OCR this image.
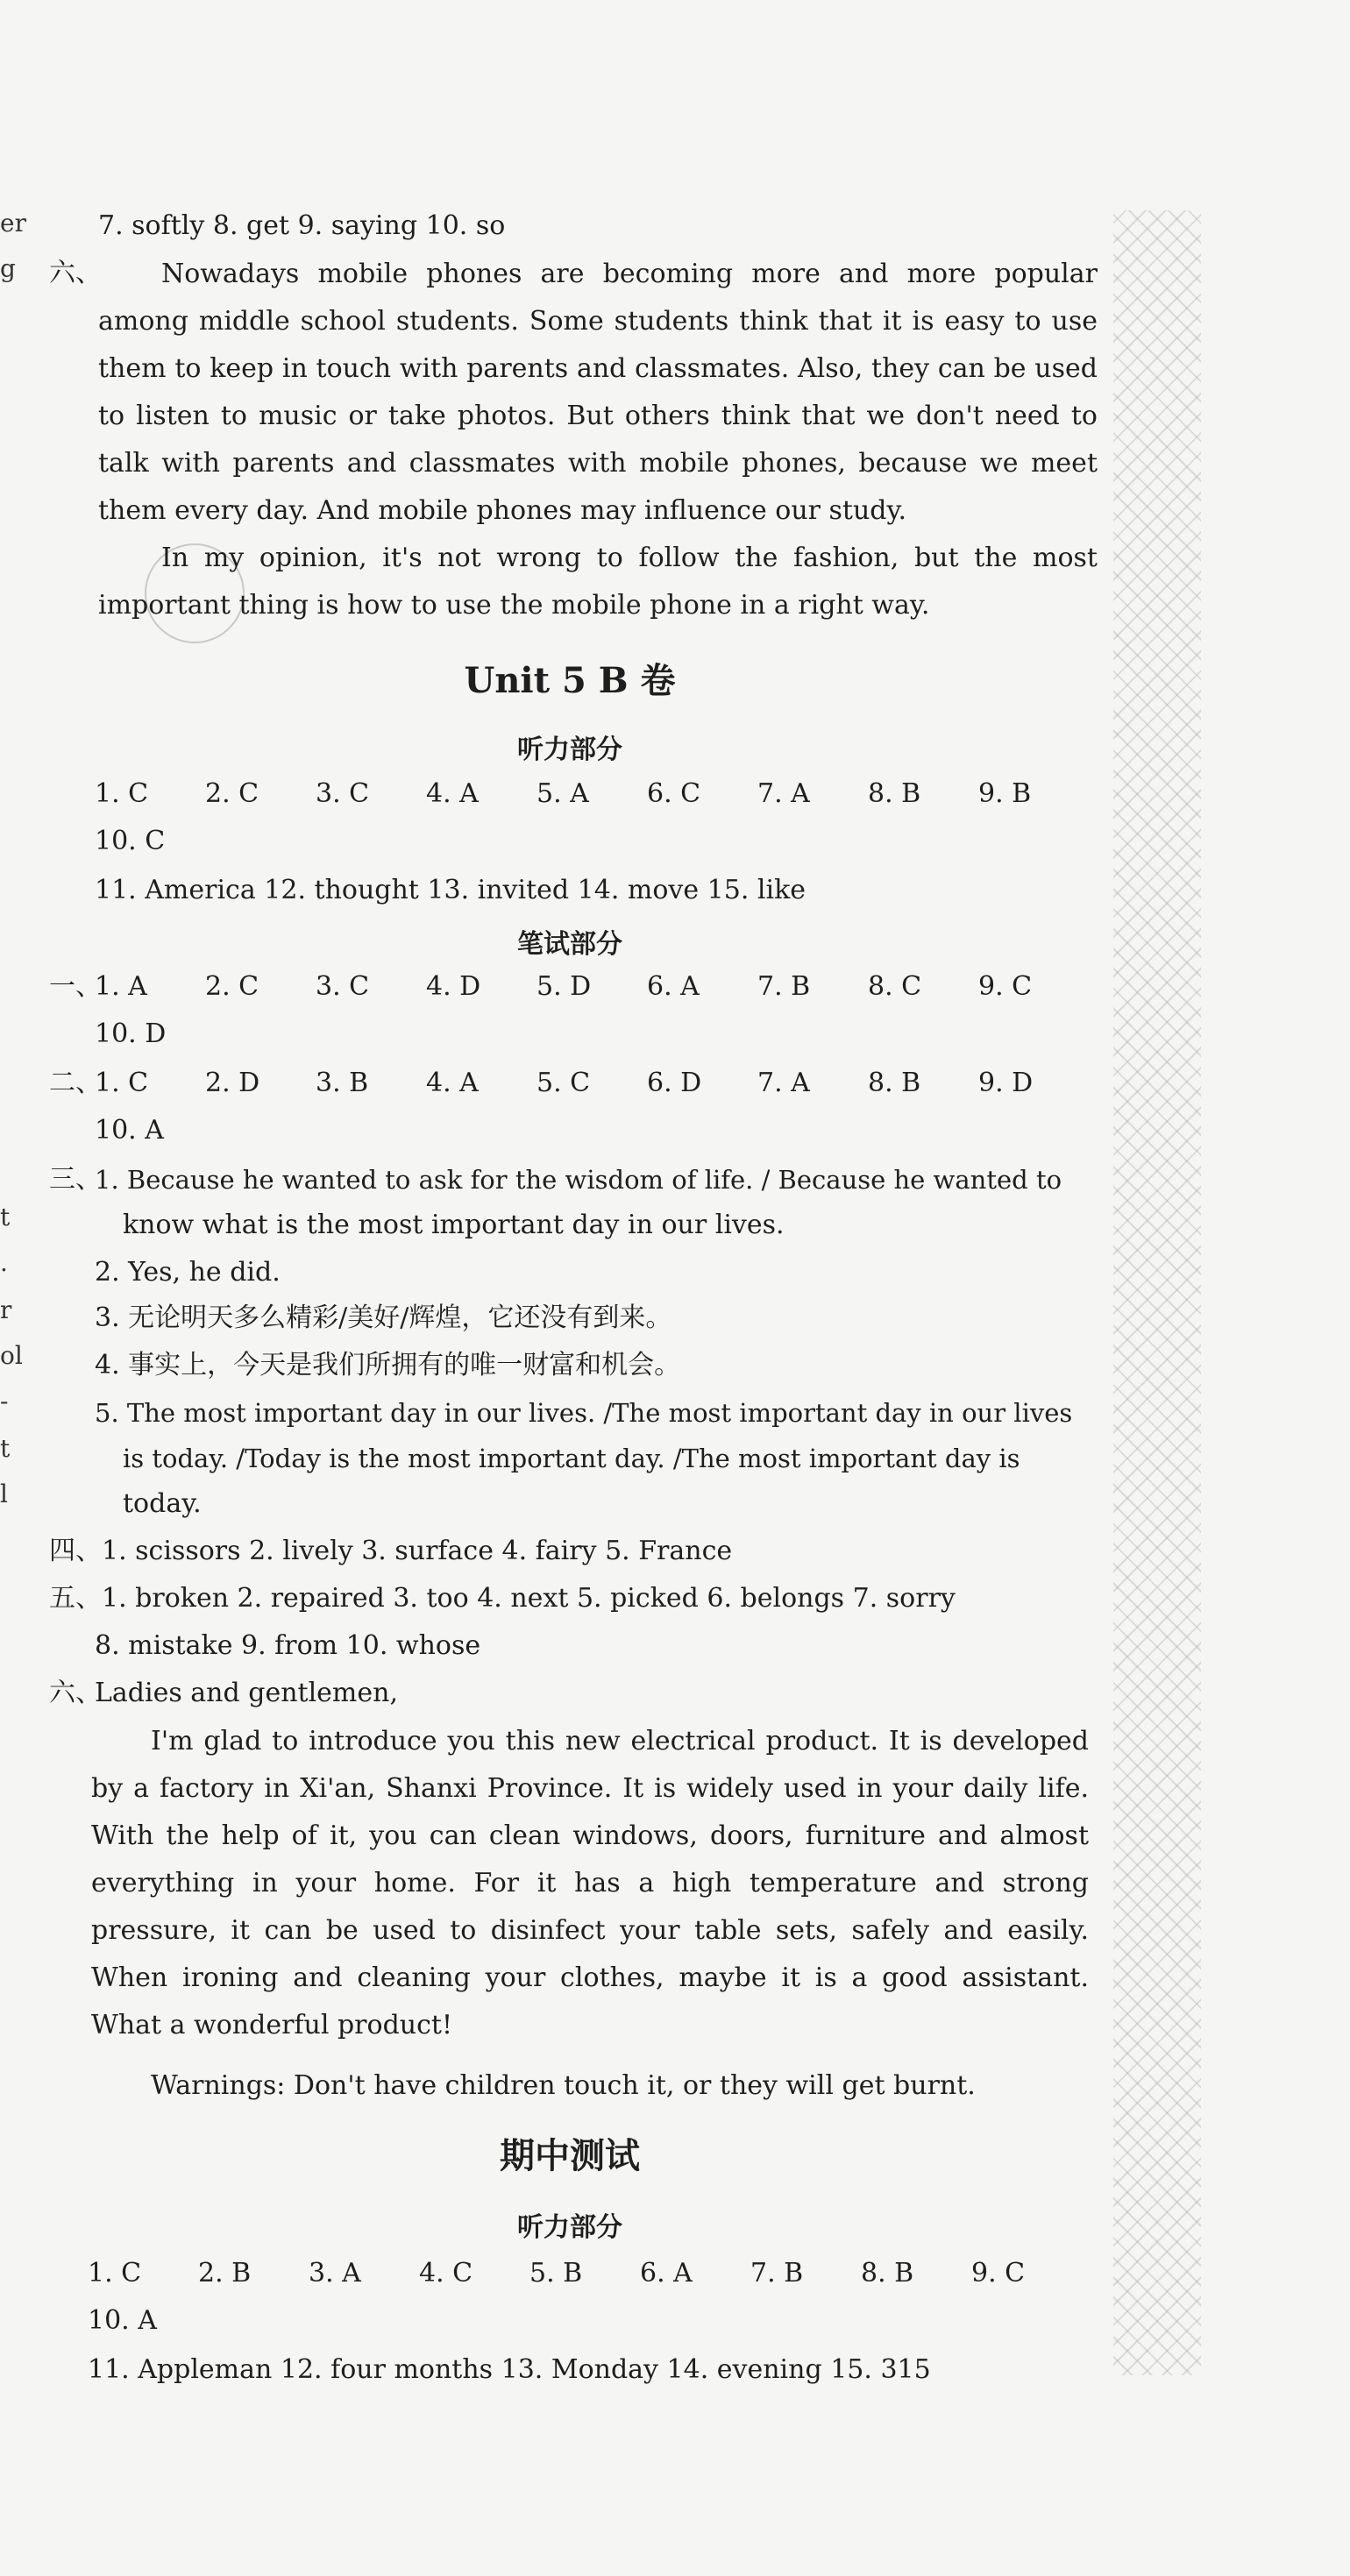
er
g
t
.
r
ol
-
t
l
7. softly 8. get 9. saying 10. so
六、	Nowadays mobile phones are becoming more and more popular among middle school students. Some students think that it is easy to use them to keep in touch with parents and classmates. Also, they can be used to listen to music or take photos. But others think that we don't need to talk with parents and classmates with mobile phones, because we meet them every day. And mobile phones may influence our study.

In my opinion, it's not wrong to follow the fashion, but the most important thing is how to use the mobile phone in a right way.

Unit 5 B 卷
听力部分
1. C	2. C	3. C	4. A	5. A	6. C	7. A	8. B	9. B
10. C
11. America 12. thought 13. invited 14. move 15. like
笔试部分
一、
1. A	2. C	3. C	4. D	5. D	6. A	7. B	8. C	9. C
10. D
二、
1. C	2. D	3. B	4. A	5. C	6. D	7. A	8. B	9. D
10. A
三、
1. Because he wanted to ask for the wisdom of life. / Because he wanted to
know what is the most important day in our lives.
2. Yes, he did.
3. 无论明天多么精彩/美好/辉煌，它还没有到来。
4. 事实上，今天是我们所拥有的唯一财富和机会。
5. The most important day in our lives. /The most important day in our lives
is today. /Today is the most important day. /The most important day is
today.
四、1. scissors 2. lively 3. surface 4. fairy 5. France
五、1. broken 2. repaired 3. too 4. next 5. picked 6. belongs 7. sorry
8. mistake 9. from 10. whose
六、
Ladies and gentlemen,

I'm glad to introduce you this new electrical product. It is developed by a factory in Xi'an, Shanxi Province. It is widely used in your daily life. With the help of it, you can clean windows, doors, furniture and almost everything in your home. For it has a high temperature and strong pressure, it can be used to disinfect your table sets, safely and easily. When ironing and cleaning your clothes, maybe it is a good assistant. What a wonderful product!

Warnings: Don't have children touch it, or they will get burnt.
期中测试
听力部分
1. C	2. B	3. A	4. C	5. B	6. A	7. B	8. B	9. C
10. A
11. Appleman 12. four months 13. Monday 14. evening 15. 315
